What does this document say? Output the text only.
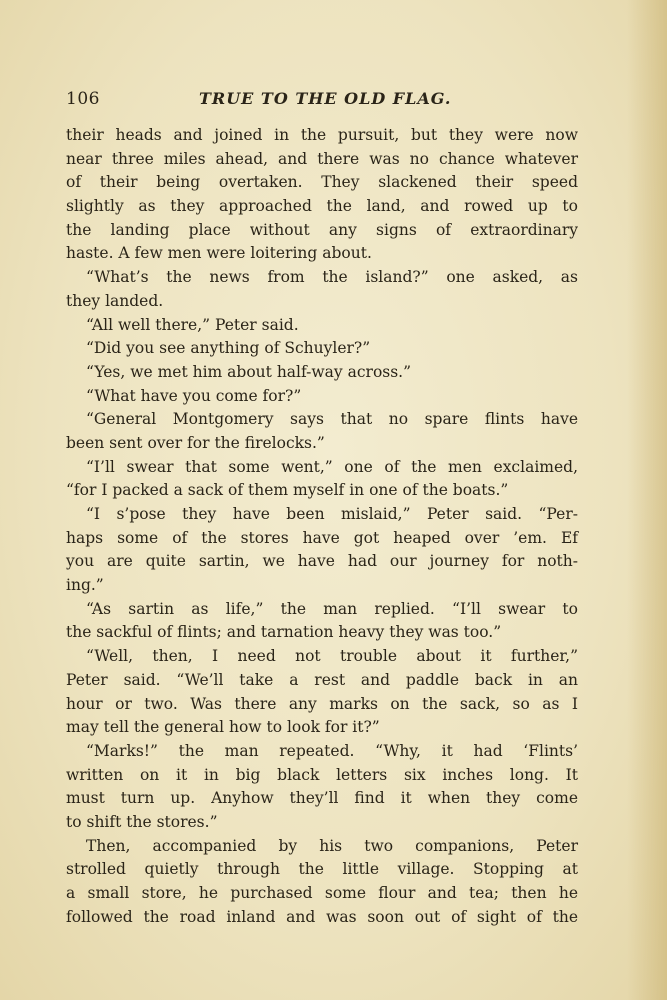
106	TRUE TO THE OLD FLAG.
their heads and joined in the pursuit, but they were now
near three miles ahead, and there was no chance whatever
of their being overtaken. They slackened their speed
slightly as they approached the land, and rowed up to
the landing place without any signs of extraordinary
haste. A few men were loitering about.
“What’s the news from the island?” one asked, as
they landed.
“All well there,” Peter said.
“Did you see anything of Schuyler?”
“Yes, we met him about half-way across.”
“What have you come for?”
“General Montgomery says that no spare flints have
been sent over for the firelocks.”
“I’ll swear that some went,” one of the men exclaimed,
“for I packed a sack of them myself in one of the boats.”
“I s’pose they have been mislaid,” Peter said. “Per-
haps some of the stores have got heaped over ’em. Ef
you are quite sartin, we have had our journey for noth-
ing.”
“As sartin as life,” the man replied. “I’ll swear to
the sackful of flints; and tarnation heavy they was too.”
“Well, then, I need not trouble about it further,”
Peter said. “We’ll take a rest and paddle back in an
hour or two. Was there any marks on the sack, so as I
may tell the general how to look for it?”
“Marks!” the man repeated. “Why, it had ‘Flints’
written on it in big black letters six inches long. It
must turn up. Anyhow they’ll find it when they come
to shift the stores.”
Then, accompanied by his two companions, Peter
strolled quietly through the little village. Stopping at
a small store, he purchased some flour and tea; then he
followed the road inland and was soon out of sight of the
